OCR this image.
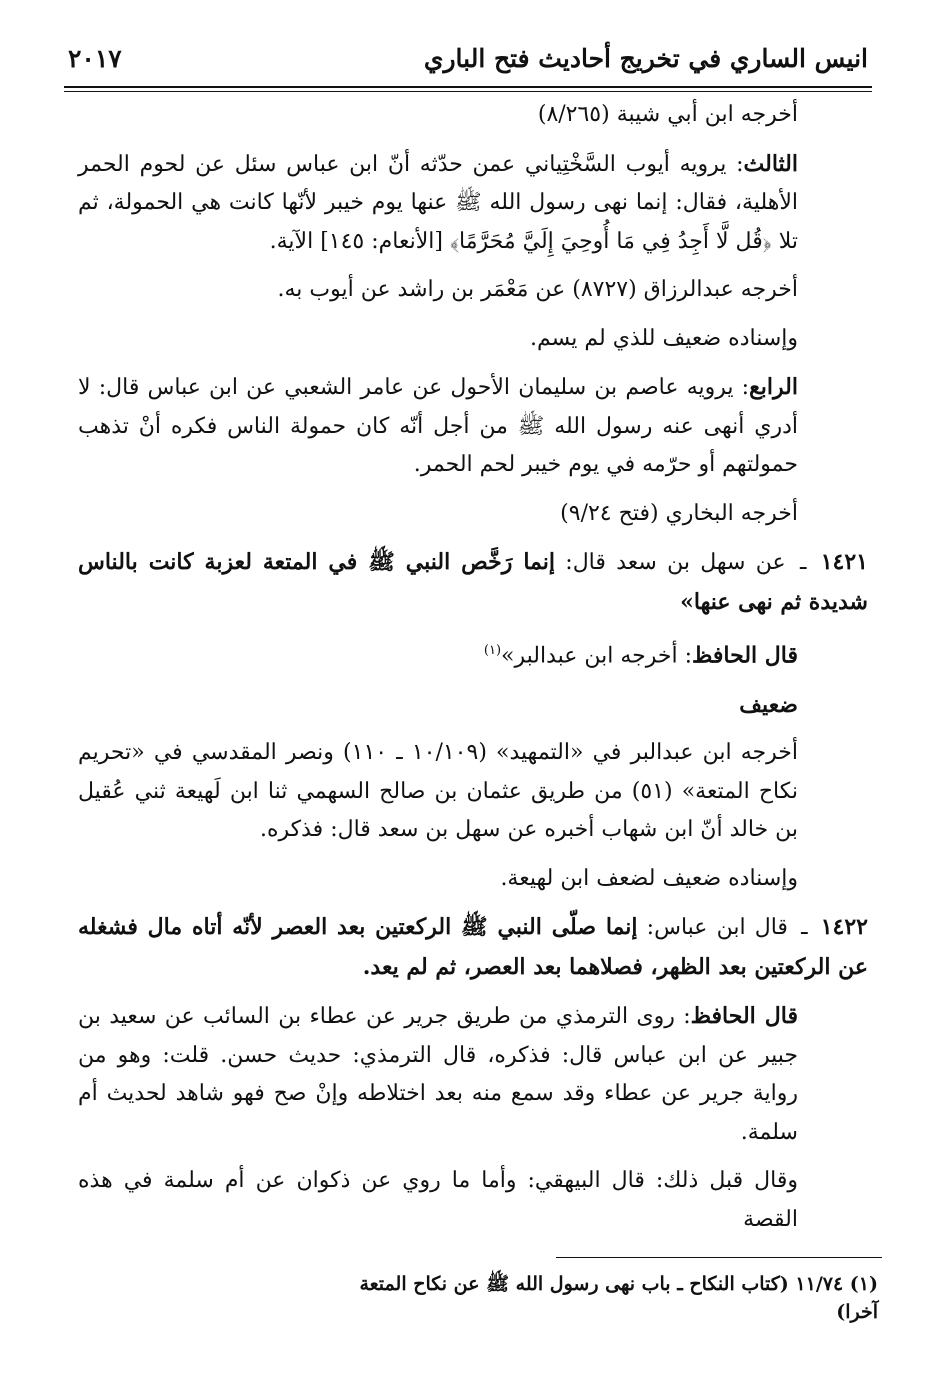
انيس الساري في تخريج أحاديث فتح الباري
٢٠١٧

أخرجه ابن أبي شيبة (٨/٢٦٥)

الثالث: يرويه أيوب السَّخْتِياني عمن حدّثه أنّ ابن عباس سئل عن لحوم الحمر الأهلية، فقال: إنما نهى رسول الله ﷺ عنها يوم خيبر لأنّها كانت هي الحمولة، ثم تلا ﴿قُل لَّا أَجِدُ فِي مَا أُوحِيَ إِلَيَّ مُحَرَّمًا﴾ [الأنعام: ١٤٥] الآية.

أخرجه عبدالرزاق (٨٧٢٧) عن مَعْمَر بن راشد عن أيوب به.

وإسناده ضعيف للذي لم يسم.

الرابع: يرويه عاصم بن سليمان الأحول عن عامر الشعبي عن ابن عباس قال: لا أدري أنهى عنه رسول الله ﷺ من أجل أنّه كان حمولة الناس فكره أنْ تذهب حمولتهم أو حرّمه في يوم خيبر لحم الحمر.

أخرجه البخاري (فتح ٩/٢٤)

١٤٢١ ـ عن سهل بن سعد قال: إنما رَخَّص النبي ﷺ في المتعة لعزبة كانت بالناس شديدة ثم نهى عنها»

قال الحافظ: أخرجه ابن عبدالبر»$^{(١)}$

ضعيف

أخرجه ابن عبدالبر في «التمهيد» (١٠/١٠٩ ـ ١١٠) ونصر المقدسي في «تحريم نكاح المتعة» (٥١) من طريق عثمان بن صالح السهمي ثنا ابن لَهيعة ثني عُقيل بن خالد أنّ ابن شهاب أخبره عن سهل بن سعد قال: فذكره.

وإسناده ضعيف لضعف ابن لهيعة.

١٤٢٢ ـ قال ابن عباس: إنما صلّى النبي ﷺ الركعتين بعد العصر لأنّه أتاه مال فشغله عن الركعتين بعد الظهر، فصلاهما بعد العصر، ثم لم يعد.

قال الحافظ: روى الترمذي من طريق جرير عن عطاء بن السائب عن سعيد بن جبير عن ابن عباس قال: فذكره، قال الترمذي: حديث حسن. قلت: وهو من رواية جرير عن عطاء وقد سمع منه بعد اختلاطه وإنْ صح فهو شاهد لحديث أم سلمة.

وقال قبل ذلك: قال البيهقي: وأما ما روي عن ذكوان عن أم سلمة في هذه القصة

(١) ١١/٧٤ (كتاب النكاح ـ باب نهى رسول الله ﷺ عن نكاح المتعة آخرا)
